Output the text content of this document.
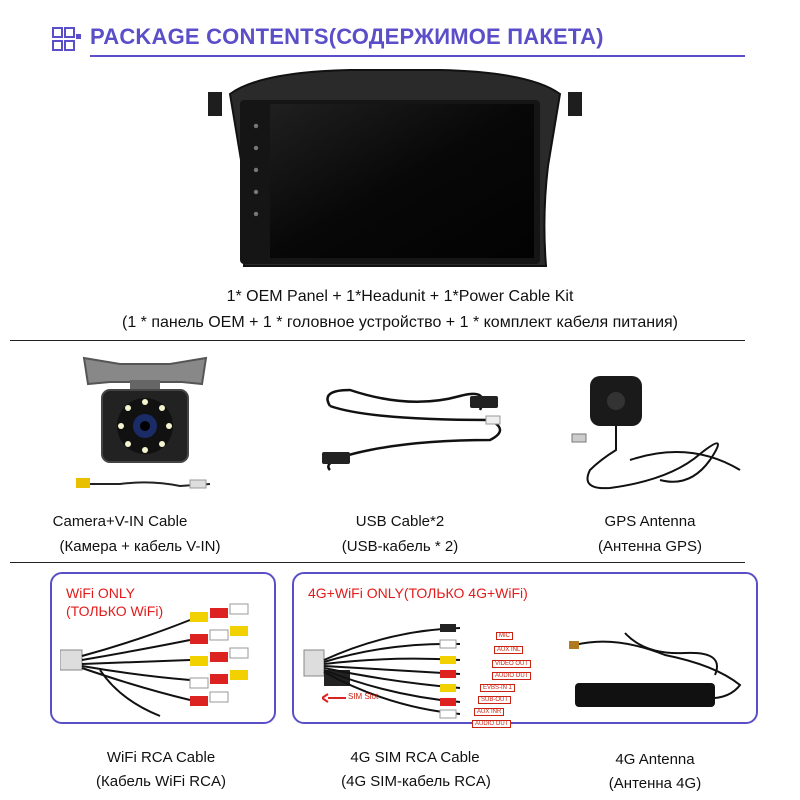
PACKAGE CONTENTS(СОДЕРЖИМОЕ ПАКЕТА)
1* OEM Panel + 1*Headunit + 1*Power Cable Kit
(1 * панель OEM + 1 * головное устройство + 1 * комплект кабеля питания)
Camera+V-IN Cable
(Камера + кабель V-IN)
USB Cable*2
(USB-кабель * 2)
GPS Antenna
(Антенна GPS)
WiFi ONLY
(ТОЛЬКО WiFi)
WiFi RCA Cable
(Кабель WiFi RCA)
4G+WiFi ONLY(ТОЛЬКО 4G+WiFi)
SIM Slot
MIC
AUX INL
VIDEO OUT
AUDIO OUT
EVBS-IN 1
SUB-OUT
AUX INR
AUDIO OUT
4G SIM RCA Cable
(4G SIM-кабель RCA)
4G Antenna
(Антенна 4G)
